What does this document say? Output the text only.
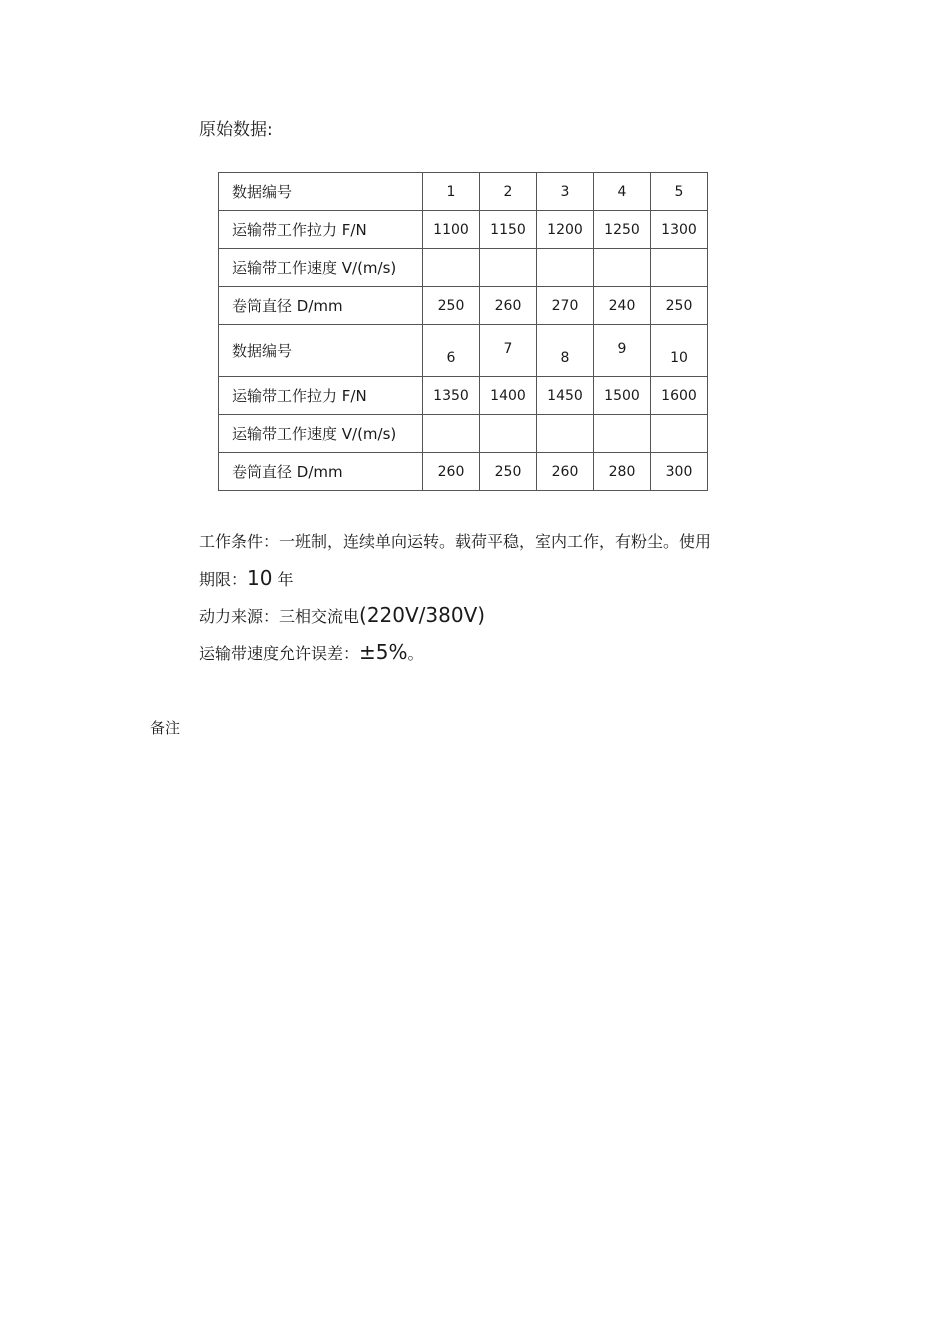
原始数据:
数据编号	1	2	3	4	5
运输带工作拉力 F/N	1100	1150	1200	1250	1300
运输带工作速度 V/(m/s)					
卷筒直径 D/mm	250	260	270	240	250
数据编号	6	7	8	9	10
运输带工作拉力 F/N	1350	1400	1450	1500	1600
运输带工作速度 V/(m/s)					
卷筒直径 D/mm	260	250	260	280	300
工作条件：一班制，连续单向运转。载荷平稳，室内工作，有粉尘。使用
期限：10 年
动力来源：三相交流电(220V/380V)
运输带速度允许误差：±5%。
备注
